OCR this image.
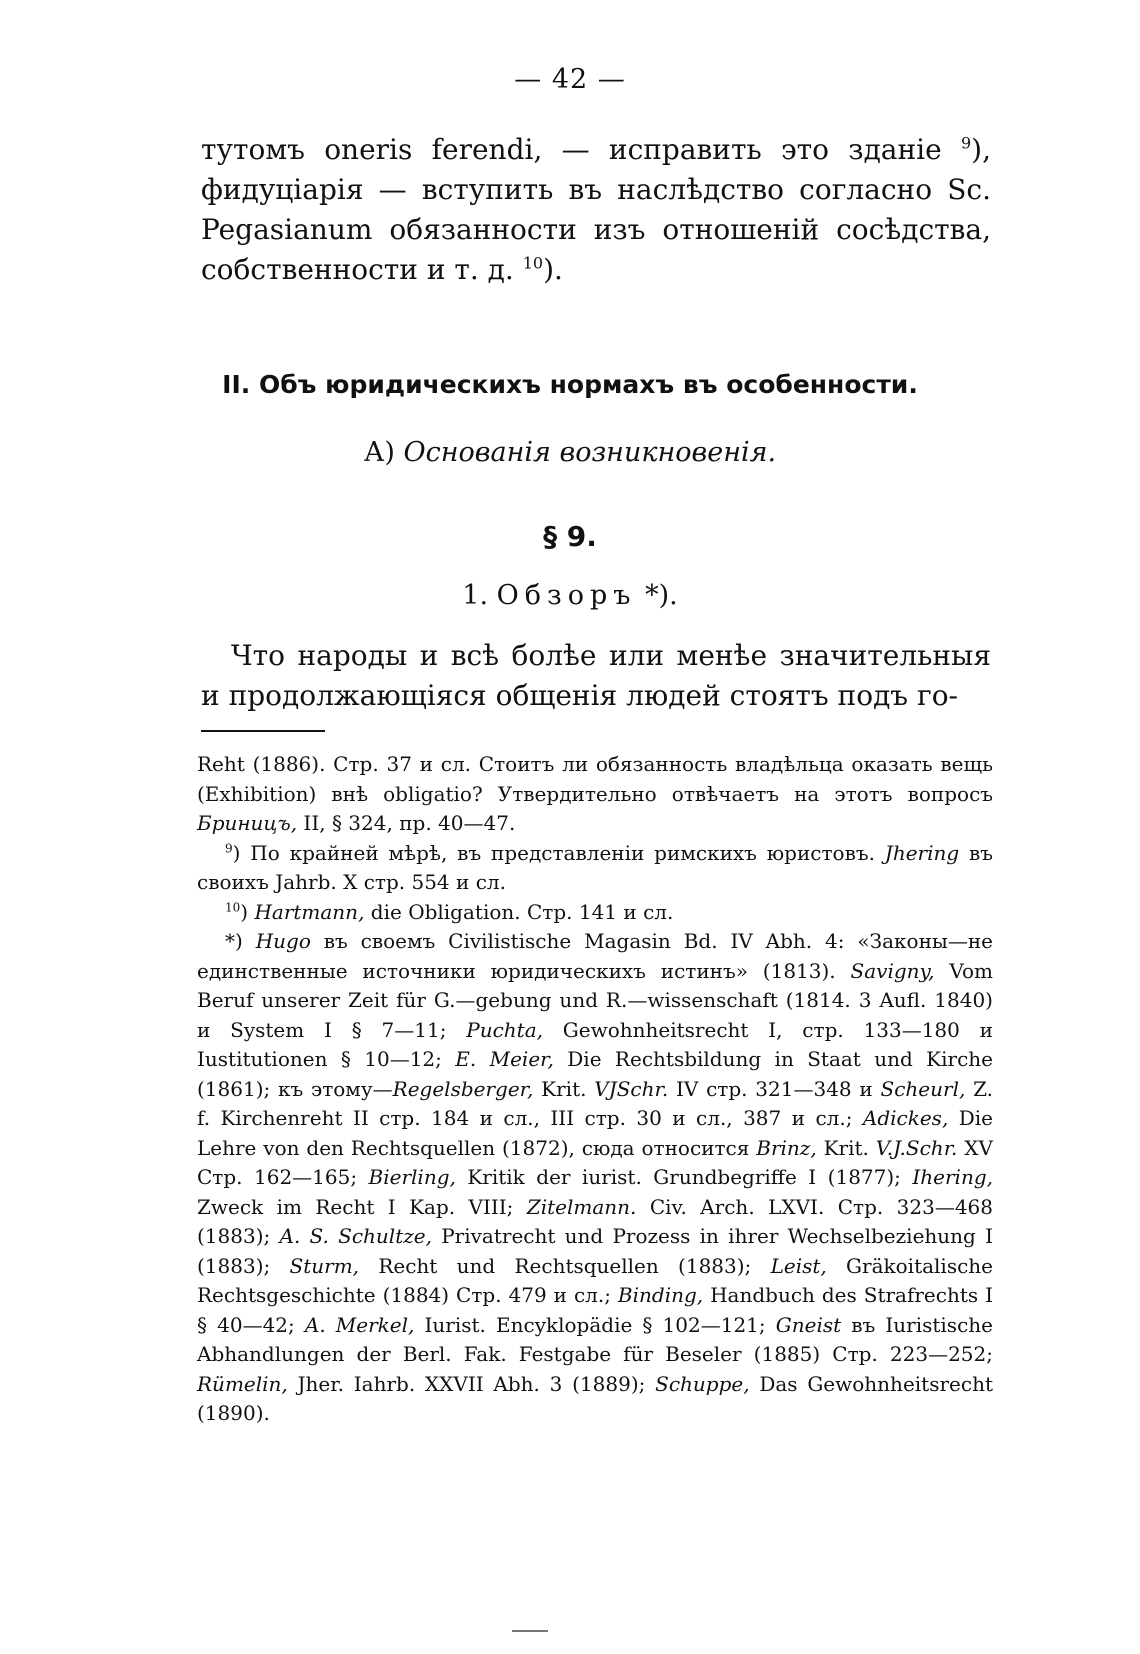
— 42 —

тутомъ oneris ferendi, — исправить это зданіе $^9$), фидуціарія — вступить въ наслѣдство согласно Sc. Pegasianum обязанности изъ отношеній сосѣдства, собственности и т. д. $^{10}$).

II. Объ юридическихъ нормахъ въ особенности.
А) Основанія возникновенія.
§ 9.
1. Обзоръ *).

Что народы и всѣ болѣе или менѣе значительныя и продолжающіяся общенія людей стоятъ подъ го-

Reht (1886). Стр. 37 и сл. Стоитъ ли обязанность владѣльца оказать вещь (Exhibition) внѣ obligatio? Утвердительно отвѣчаетъ на этотъ вопросъ Бриницъ, II, § 324, пр. 40—47.

$^9$) По крайней мѣрѣ, въ представленіи римскихъ юристовъ. Jhering въ своихъ Jahrb. X стр. 554 и сл.

$^{10}$) Hartmann, die Obligation. Стр. 141 и сл.

*) Hugo въ своемъ Civilistische Magasin Bd. IV Abh. 4: «Законы—не единственные источники юридическихъ истинъ» (1813). Savigny, Vom Beruf unserer Zeit für G.—gebung und R.—wissenschaft (1814. 3 Aufl. 1840) и System I § 7—11; Puchta, Gewohnheitsrecht I, стр. 133—180 и Iustitutionen § 10—12; E. Meier, Die Rechtsbildung in Staat und Kirche (1861); къ этому—Regelsberger, Krit. VJSchr. IV стр. 321—348 и Scheurl, Z. f. Kirchenreht II стр. 184 и сл., III стр. 30 и сл., 387 и сл.; Adickes, Die Lehre von den Rechtsquellen (1872), сюда относится Brinz, Krit. V.J.Schr. XV Стр. 162—165; Bierling, Kritik der iurist. Grundbegriffe I (1877); Ihering, Zweck im Recht I Kap. VIII; Zitelmann. Civ. Arch. LXVI. Стр. 323—468 (1883); A. S. Schultze, Privatrecht und Prozess in ihrer Wechselbeziehung I (1883); Sturm, Recht und Rechtsquellen (1883); Leist, Gräkoitalische Rechtsgeschichte (1884) Стр. 479 и сл.; Binding, Handbuch des Strafrechts I § 40—42; A. Merkel, Iurist. Encyklopädie § 102—121; Gneist въ Iuristische Abhandlungen der Berl. Fak. Festgabe für Beseler (1885) Стр. 223—252; Rümelin, Jher. Iahrb. XXVII Abh. 3 (1889); Schuppe, Das Gewohnheitsrecht (1890).
